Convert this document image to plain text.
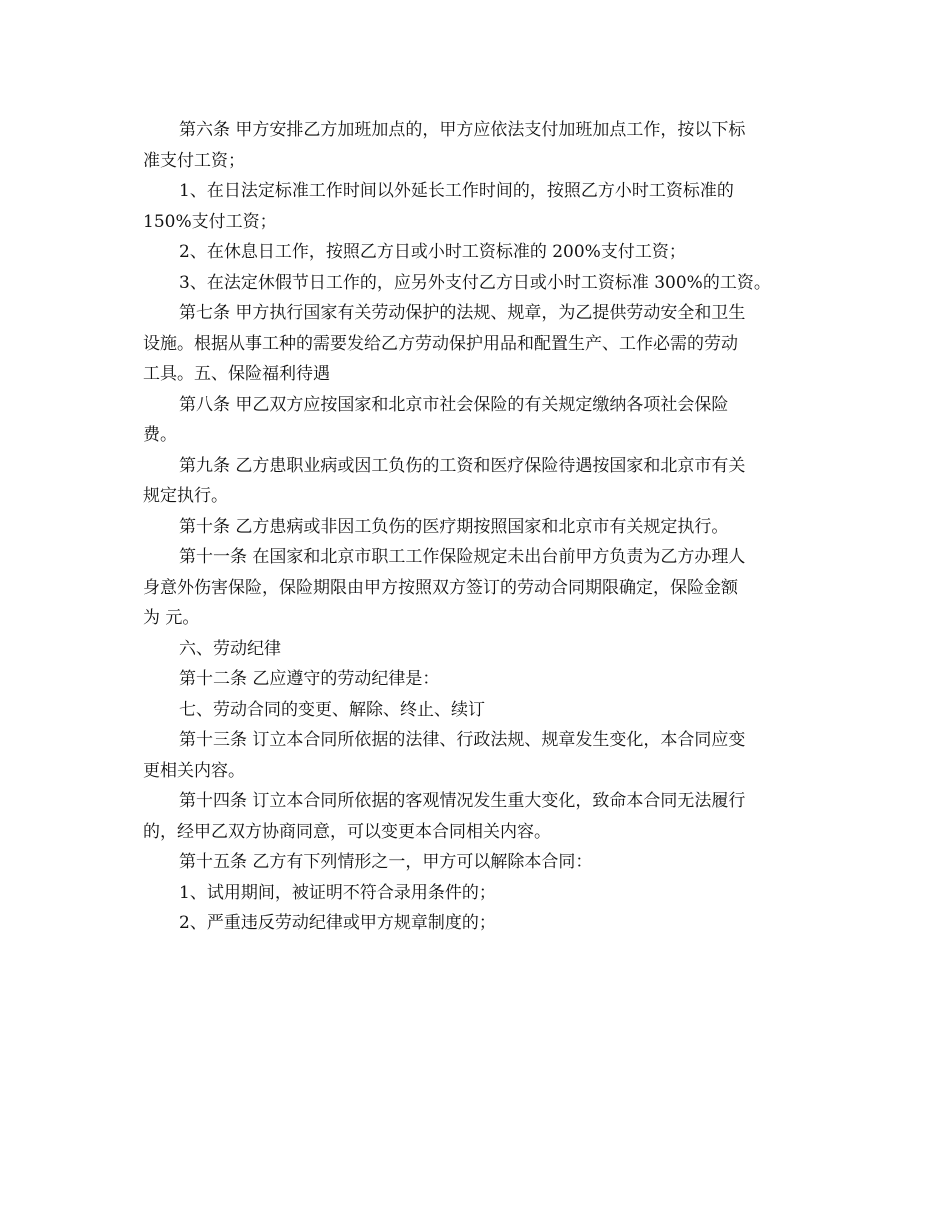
第六条 甲方安排乙方加班加点的，甲方应依法支付加班加点工作，按以下标

准支付工资；

1、在日法定标准工作时间以外延长工作时间的，按照乙方小时工资标准的

150%支付工资；

2、在休息日工作，按照乙方日或小时工资标准的 200%支付工资；

3、在法定休假节日工作的，应另外支付乙方日或小时工资标准 300%的工资。

第七条 甲方执行国家有关劳动保护的法规、规章，为乙提供劳动安全和卫生

设施。根据从事工种的需要发给乙方劳动保护用品和配置生产、工作必需的劳动

工具。五、保险福利待遇

第八条 甲乙双方应按国家和北京市社会保险的有关规定缴纳各项社会保险

费。

第九条 乙方患职业病或因工负伤的工资和医疗保险待遇按国家和北京市有关

规定执行。

第十条 乙方患病或非因工负伤的医疗期按照国家和北京市有关规定执行。

第十一条 在国家和北京市职工工作保险规定未出台前甲方负责为乙方办理人

身意外伤害保险，保险期限由甲方按照双方签订的劳动合同期限确定，保险金额

为 元。

六、劳动纪律

第十二条 乙应遵守的劳动纪律是：

七、劳动合同的变更、解除、终止、续订

第十三条 订立本合同所依据的法律、行政法规、规章发生变化，本合同应变

更相关内容。

第十四条 订立本合同所依据的客观情况发生重大变化，致命本合同无法履行

的，经甲乙双方协商同意，可以变更本合同相关内容。

第十五条 乙方有下列情形之一，甲方可以解除本合同：

1、试用期间，被证明不符合录用条件的；

2、严重违反劳动纪律或甲方规章制度的；
